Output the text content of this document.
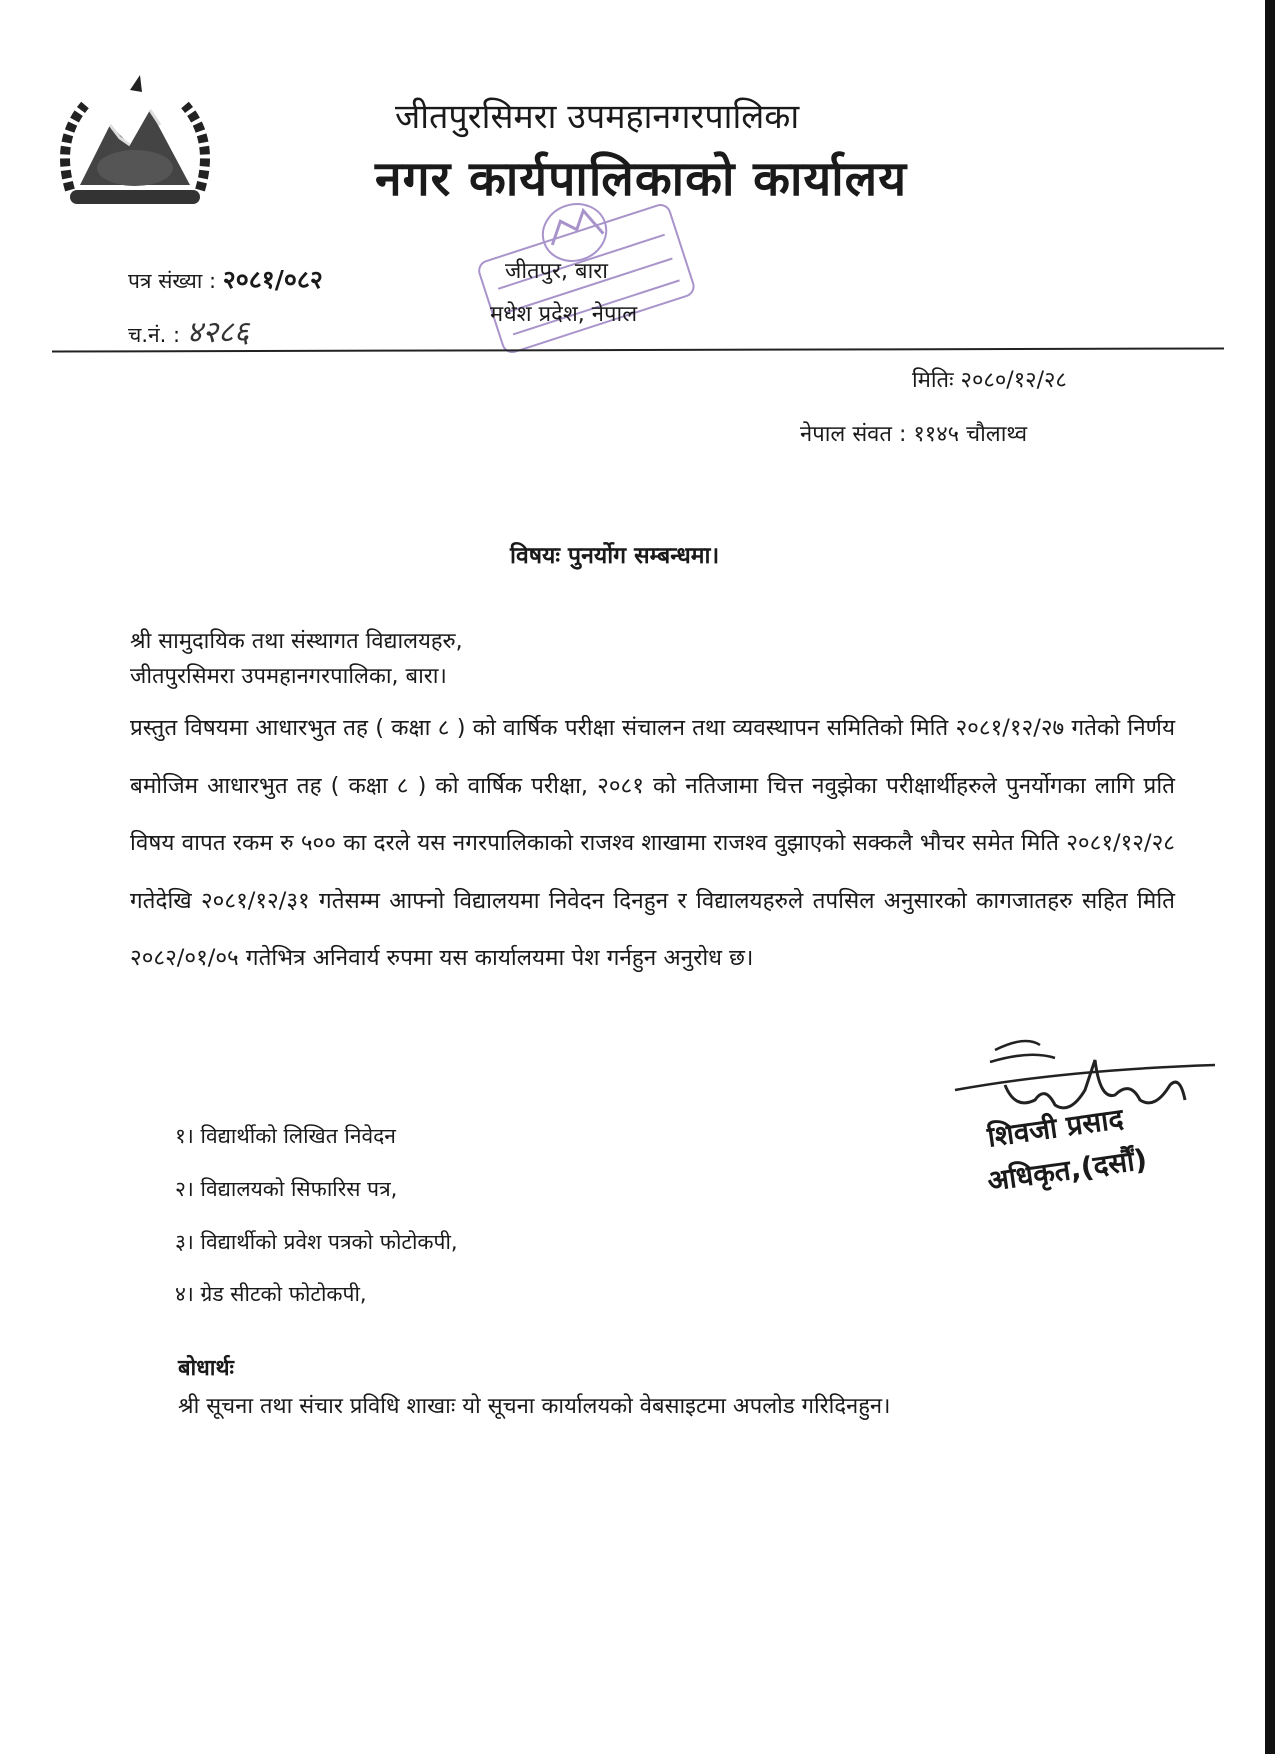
जीतपुरसिमरा उपमहानगरपालिका
नगर कार्यपालिकाको कार्यालय
पत्र संख्या : २०८१/०८२
च.नं. : ४२८६
जीतपुर, बारा
मधेश प्रदेश, नेपाल
मितिः २०८०/१२/२८
नेपाल संवत : ११४५ चौलाथ्व
विषयः पुनर्योग सम्बन्धमा।
श्री सामुदायिक तथा संस्थागत विद्यालयहरु,
जीतपुरसिमरा उपमहानगरपालिका, बारा।
प्रस्तुत विषयमा आधारभुत तह ( कक्षा ८ ) को वार्षिक परीक्षा संचालन तथा व्यवस्थापन समितिको मिति २०८१/१२/२७ गतेको निर्णय बमोजिम आधारभुत तह ( कक्षा ८ ) को वार्षिक परीक्षा, २०८१ को नतिजामा चित्त नवुझेका परीक्षार्थीहरुले पुनर्योगका लागि प्रति विषय वापत रकम रु ५०० का दरले यस नगरपालिकाको राजश्व शाखामा राजश्व वुझाएको सक्कलै भौचर समेत मिति २०८१/१२/२८ गतेदेखि २०८१/१२/३१ गतेसम्म आफ्नो विद्यालयमा निवेदन दिनहुन र विद्यालयहरुले तपसिल अनुसारको कागजातहरु सहित मिति २०८२/०१/०५ गतेभित्र अनिवार्य रुपमा यस कार्यालयमा पेश गर्नहुन अनुरोध छ।
१। विद्यार्थीको लिखित निवेदन
२। विद्यालयको सिफारिस पत्र,
३। विद्यार्थीको प्रवेश पत्रको फोटोकपी,
४। ग्रेड सीटको फोटोकपी,
बोधार्थः
श्री सूचना तथा संचार प्रविधि शाखाः यो सूचना कार्यालयको वेबसाइटमा अपलोड गरिदिनहुन।
शिवजी प्रसाद
अधिकृत,(दर्सौं)
